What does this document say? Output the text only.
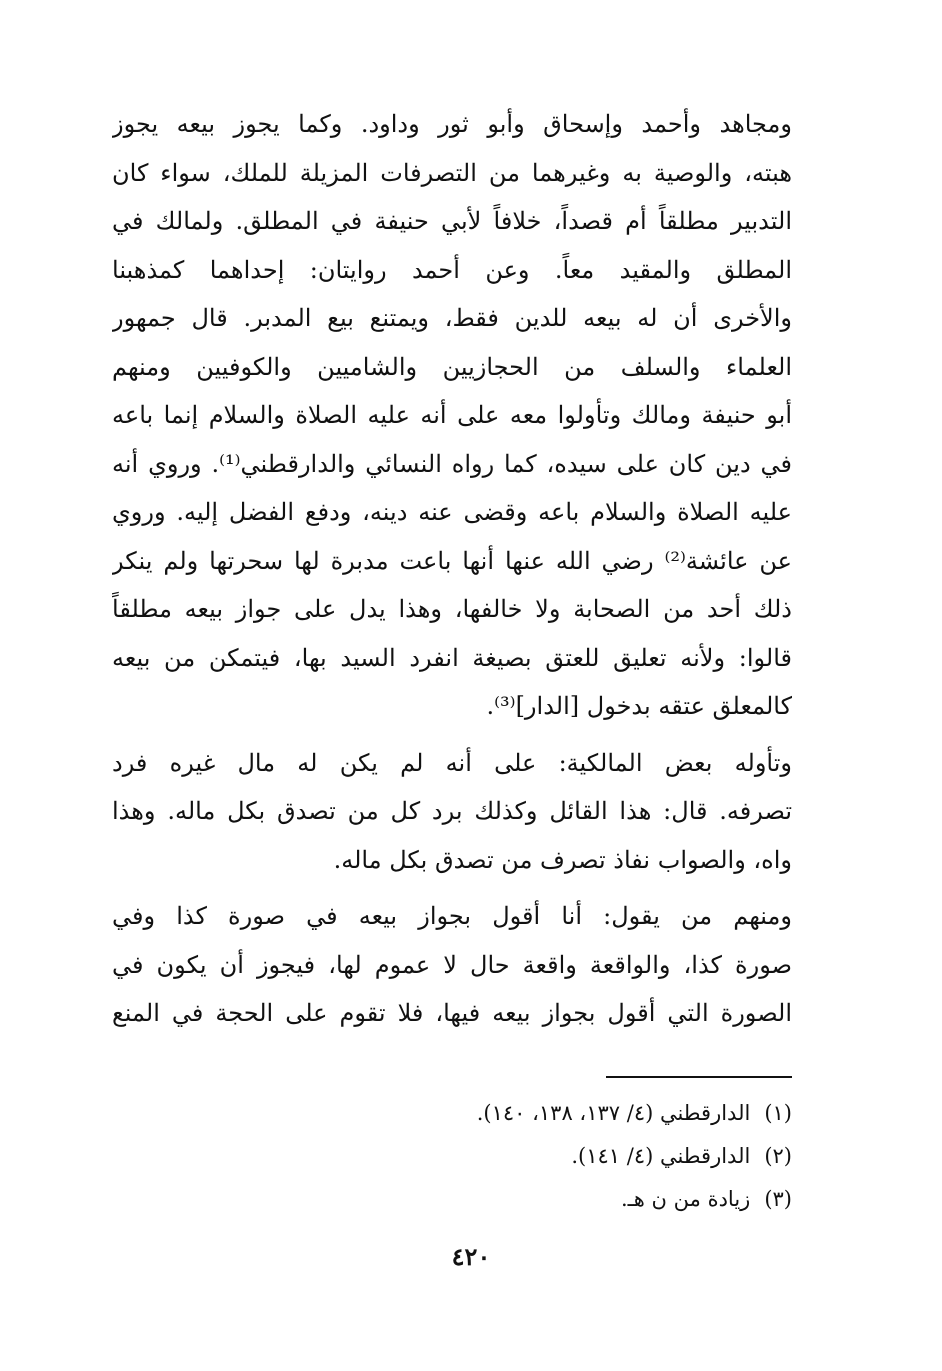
ومجاهد وأحمد وإسحاق وأبو ثور وداود. وكما يجوز بيعه يجوز
هبته، والوصية به وغيرهما من التصرفات المزيلة للملك، سواء كان
التدبير مطلقاً أم قصداً، خلافاً لأبي حنيفة في المطلق. ولمالك في
المطلق والمقيد معاً. وعن أحمد روايتان: إحداهما كمذهبنا
والأخرى أن له بيعه للدين فقط، ويمتنع بيع المدبر. قال جمهور
العلماء والسلف من الحجازيين والشاميين والكوفيين ومنهم
أبو حنيفة ومالك وتأولوا معه على أنه عليه الصلاة والسلام إنما باعه
في دين كان على سيده، كما رواه النسائي والدارقطني⁽¹⁾. وروي أنه
عليه الصلاة والسلام باعه وقضى عنه دينه، ودفع الفضل إليه. وروي
عن عائشة⁽²⁾ رضي الله عنها أنها باعت مدبرة لها سحرتها ولم ينكر
ذلك أحد من الصحابة ولا خالفها، وهذا يدل على جواز بيعه مطلقاً
قالوا: ولأنه تعليق للعتق بصيغة انفرد السيد بها، فيتمكن من بيعه
كالمعلق عتقه بدخول [الدار]⁽³⁾.
وتأوله بعض المالكية: على أنه لم يكن له مال غيره فرد
تصرفه. قال: هذا القائل وكذلك برد كل من تصدق بكل ماله. وهذا
واه، والصواب نفاذ تصرف من تصدق بكل ماله.
ومنهم من يقول: أنا أقول بجواز بيعه في صورة كذا وفي
صورة كذا، والواقعة واقعة حال لا عموم لها، فيجوز أن يكون في
الصورة التي أقول بجواز بيعه فيها، فلا تقوم على الحجة في المنع
(١)الدارقطني (٤/ ١٣٧، ١٣٨، ١٤٠).
(٢)الدارقطني (٤/ ١٤١).
(٣)زيادة من ن هـ.
٤٢٠
